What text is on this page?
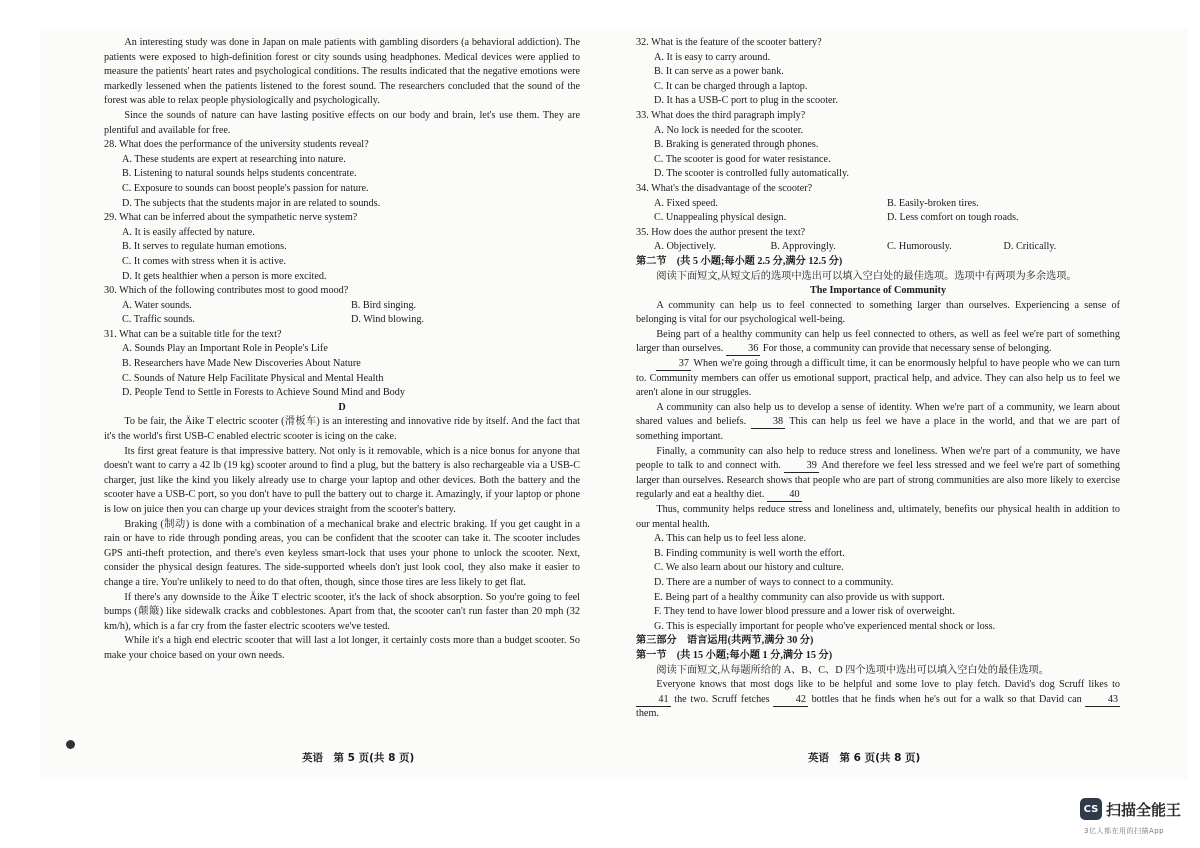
An interesting study was done in Japan on male patients with gambling disorders (a behavioral addiction). The patients were exposed to high-definition forest or city sounds using headphones. Medical devices were applied to measure the patients' heart rates and psychological conditions. The results indicated that the negative emotions were markedly lessened when the patients listened to the forest sound. The researchers concluded that the sound of the forest was able to relax people physiologically and psychologically.

Since the sounds of nature can have lasting positive effects on our body and brain, let's use them. They are plentiful and available for free.

28. What does the performance of the university students reveal?

A. These students are expert at researching into nature.

B. Listening to natural sounds helps students concentrate.

C. Exposure to sounds can boost people's passion for nature.

D. The subjects that the students major in are related to sounds.

29. What can be inferred about the sympathetic nerve system?

A. It is easily affected by nature.

B. It serves to regulate human emotions.

C. It comes with stress when it is active.

D. It gets healthier when a person is more excited.

30. Which of the following contributes most to good mood?

A. Water sounds.	B. Bird singing.

C. Traffic sounds.	D. Wind blowing.

31. What can be a suitable title for the text?

A. Sounds Play an Important Role in People's Life

B. Researchers have Made New Discoveries About Nature

C. Sounds of Nature Help Facilitate Physical and Mental Health

D. People Tend to Settle in Forests to Achieve Sound Mind and Body

D

To be fair, the Äike T electric scooter (滑板车) is an interesting and innovative ride by itself. And the fact that it's the world's first USB-C enabled electric scooter is icing on the cake.

Its first great feature is that impressive battery. Not only is it removable, which is a nice bonus for anyone that doesn't want to carry a 42 lb (19 kg) scooter around to find a plug, but the battery is also rechargeable via a USB-C charger, just like the kind you likely already use to charge your laptop and other devices. Both the battery and the scooter have a USB-C port, so you don't have to pull the battery out to charge it. Amazingly, if your laptop or phone is low on juice then you can charge up your devices straight from the scooter's battery.

Braking (制动) is done with a combination of a mechanical brake and electric braking. If you get caught in a rain or have to ride through ponding areas, you can be confident that the scooter can take it. The scooter includes GPS anti-theft protection, and there's even keyless smart-lock that uses your phone to unlock the scooter. Next, consider the physical design features. The side-supported wheels don't just look cool, they also make it easier to change a tire. You're unlikely to need to do that often, though, since those tires are less likely to get flat.

If there's any downside to the Äike T electric scooter, it's the lack of shock absorption. So you're going to feel bumps (颠簸) like sidewalk cracks and cobblestones. Apart from that, the scooter can't run faster than 20 mph (32 km/h), which is a far cry from the faster electric scooters we've tested.

While it's a high end electric scooter that will last a lot longer, it certainly costs more than a budget scooter. So make your choice based on your own needs.

32. What is the feature of the scooter battery?

A. It is easy to carry around.

B. It can serve as a power bank.

C. It can be charged through a laptop.

D. It has a USB-C port to plug in the scooter.

33. What does the third paragraph imply?

A. No lock is needed for the scooter.

B. Braking is generated through phones.

C. The scooter is good for water resistance.

D. The scooter is controlled fully automatically.

34. What's the disadvantage of the scooter?

A. Fixed speed.	B. Easily-broken tires.

C. Unappealing physical design.	D. Less comfort on tough roads.

35. How does the author present the text?

A. Objectively.	B. Approvingly.	C. Humorously.	D. Critically.

第二节　(共 5 小题;每小题 2.5 分,满分 12.5 分)

阅读下面短文,从短文后的选项中选出可以填入空白处的最佳选项。选项中有两项为多余选项。

The Importance of Community

A community can help us to feel connected to something larger than ourselves. Experiencing a sense of belonging is vital for our psychological well-being.

Being part of a healthy community can help us feel connected to others, as well as feel we're part of something larger than ourselves. 36 For those, a community can provide that necessary sense of belonging.

37 When we're going through a difficult time, it can be enormously helpful to have people who we can turn to. Community members can offer us emotional support, practical help, and advice. They can also help us to feel we aren't alone in our struggles.

A community can also help us to develop a sense of identity. When we're part of a community, we learn about shared values and beliefs.	38 This can help us feel we have a place in the world, and that we are part of something important.

Finally, a community can also help to reduce stress and loneliness. When we're part of a community, we have people to talk to and connect with.	39 And therefore we feel less stressed and we feel we're part of something larger than ourselves. Research shows that people who are part of strong communities are also more likely to exercise regularly and eat a healthy diet. 40

Thus, community helps reduce stress and loneliness and, ultimately, benefits our physical health in addition to our mental health.

A. This can help us to feel less alone.

B. Finding community is well worth the effort.

C. We also learn about our history and culture.

D. There are a number of ways to connect to a community.

E. Being part of a healthy community can also provide us with support.

F. They tend to have lower blood pressure and a lower risk of overweight.

G. This is especially important for people who've experienced mental shock or loss.

第三部分　语言运用(共两节,满分 30 分)

第一节　(共 15 小题;每小题 1 分,满分 15 分)

阅读下面短文,从每题所给的 A、B、C、D 四个选项中选出可以填入空白处的最佳选项。

Everyone knows that most dogs like to be helpful and some love to play fetch. David's dog Scruff likes to 41 the two. Scruff fetches	42 bottles that he finds when he's out for a walk so that David can	43 them.

英语　第 5 页(共 8 页)	英语　第 6 页(共 8 页)
CS 扫描全能王
3亿人都在用的扫描App
